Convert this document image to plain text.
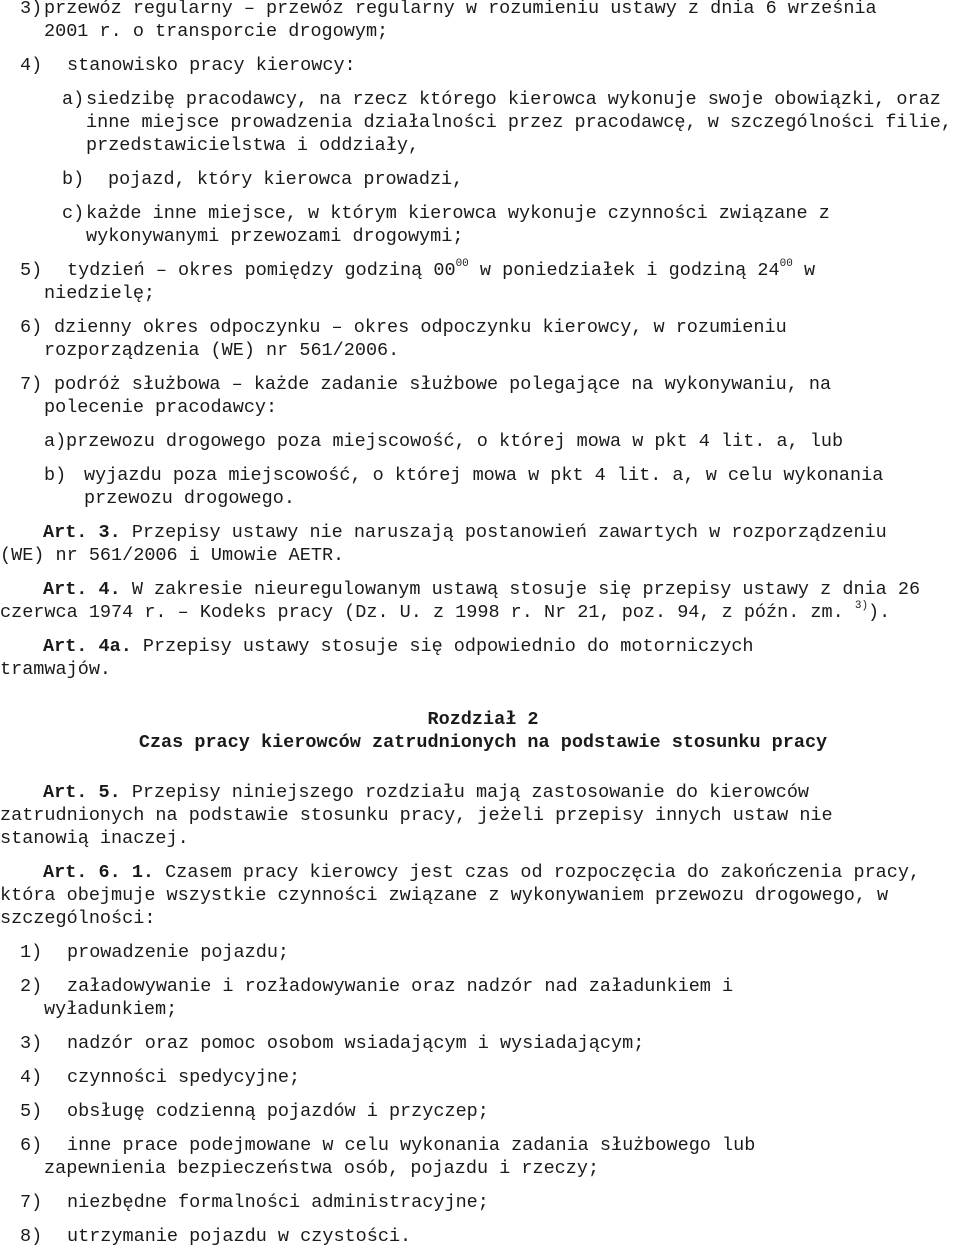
3) przewóz regularny – przewóz regularny w rozumieniu ustawy z dnia 6 września 2001 r. o transporcie drogowym;
4) stanowisko pracy kierowcy:
a) siedzibę pracodawcy, na rzecz którego kierowca wykonuje swoje obowiązki, oraz inne miejsce prowadzenia działalności przez pracodawcę, w szczególności filie, przedstawicielstwa i oddziały,
b) pojazd, który kierowca prowadzi,
c) każde inne miejsce, w którym kierowca wykonuje czynności związane z wykonywanymi przewozami drogowymi;
5)	tydzień – okres pomiędzy godziną $00^{00}$ w poniedziałek i godziną $24^{00}$ w niedzielę;
6) dzienny okres odpoczynku – okres odpoczynku kierowcy, w rozumieniu rozporządzenia (WE) nr 561/2006.
7) podróż służbowa – każde zadanie służbowe polegające na wykonywaniu, na polecenie pracodawcy:
a) przewozu drogowego poza miejscowość, o której mowa w pkt 4 lit. a, lub
b) wyjazdu poza miejscowość, o której mowa w pkt 4 lit. a, w celu wykonania przewozu drogowego.
Art. 3. Przepisy ustawy nie naruszają postanowień zawartych w rozporządzeniu (WE) nr 561/2006 i Umowie AETR.
Art. 4. W zakresie nieuregulowanym ustawą stosuje się przepisy ustawy z dnia 26 czerwca 1974 r. – Kodeks pracy (Dz. U. z 1998 r. Nr 21, poz. 94, z późn. zm. $^{3)}$).
Art. 4a. Przepisy ustawy stosuje się odpowiednio do motorniczych tramwajów.
Rozdział 2
Czas pracy kierowców zatrudnionych na podstawie stosunku pracy
Art. 5. Przepisy niniejszego rozdziału mają zastosowanie do kierowców zatrudnionych na podstawie stosunku pracy, jeżeli przepisy innych ustaw nie stanowią inaczej.
Art. 6. 1. Czasem pracy kierowcy jest czas od rozpoczęcia do zakończenia pracy, która obejmuje wszystkie czynności związane z wykonywaniem przewozu drogowego, w szczególności:
1) prowadzenie pojazdu;
2)	załadowywanie i rozładowywanie oraz nadzór nad załadunkiem i wyładunkiem;
3) nadzór oraz pomoc osobom wsiadającym i wysiadającym;
4) czynności spedycyjne;
5) obsługę codzienną pojazdów i przyczep;
6)	inne prace podejmowane w celu wykonania zadania służbowego lub zapewnienia bezpieczeństwa osób, pojazdu i rzeczy;
7) niezbędne formalności administracyjne;
8) utrzymanie pojazdu w czystości.
